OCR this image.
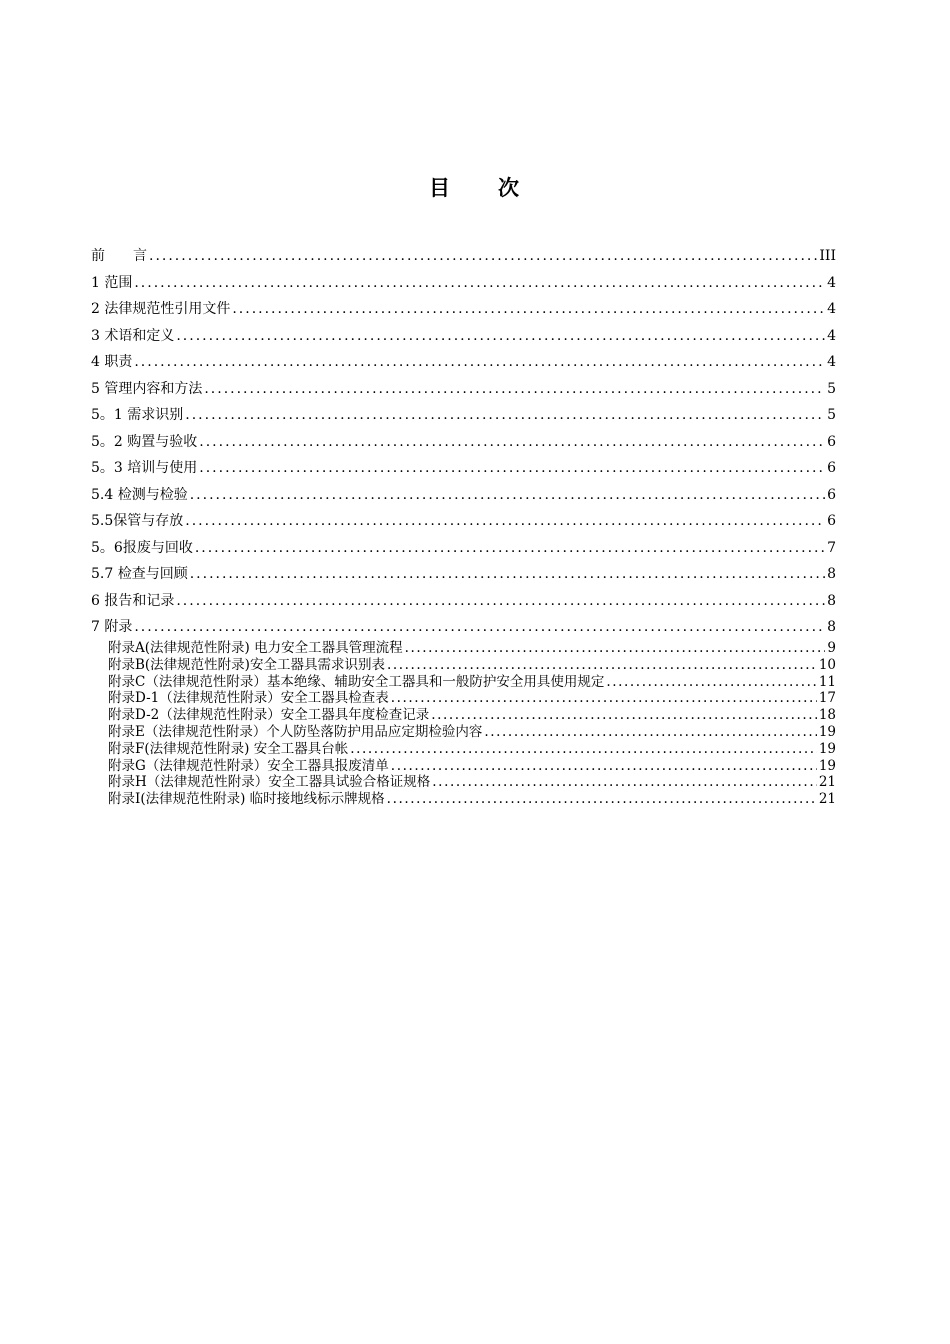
目　　次
前　　言 .....	III
1 范围 .....	4
2 法律规范性引用文件 .....	4
3 术语和定义 .....	4
4 职责 .....	4
5 管理内容和方法 .....	5
5。1 需求识别 .....	5
5。2 购置与验收 .....	6
5。3 培训与使用 .....	6
5.4 检测与检验 .....	6
5.5保管与存放 .....	6
5。6报废与回收 .....	7
5.7 检查与回顾 .....	8
6 报告和记录 .....	8
7 附录 .....	8
附录A(法律规范性附录) 电力安全工器具管理流程 .....	9
附录B(法律规范性附录)安全工器具需求识别表 .....	10
附录C（法律规范性附录）基本绝缘、辅助安全工器具和一般防护安全用具使用规定 .....	11
附录D-1（法律规范性附录）安全工器具检查表 .....	17
附录D-2（法律规范性附录）安全工器具年度检查记录 .....	18
附录E（法律规范性附录）个人防坠落防护用品应定期检验内容 .....	19
附录F(法律规范性附录) 安全工器具台帐 .....	19
附录G（法律规范性附录）安全工器具报废清单 .....	19
附录H（法律规范性附录）安全工器具试验合格证规格 .....	21
附录I(法律规范性附录) 临时接地线标示牌规格 .....	21
